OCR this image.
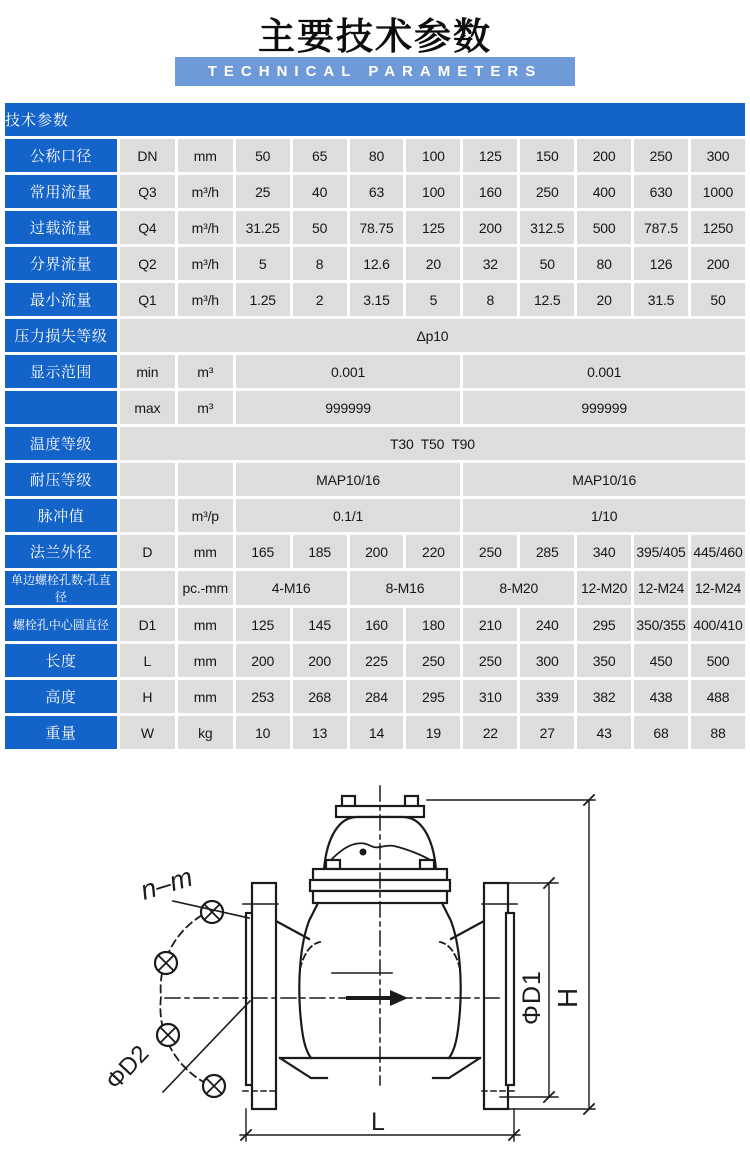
主要技术参数
TECHNICAL PARAMETERS
技术参数											
公称口径	DN	mm	50	65	80	100	125	150	200	250	300
常用流量	Q3	m³/h	25	40	63	100	160	250	400	630	1000
过载流量	Q4	m³/h	31.25	50	78.75	125	200	312.5	500	787.5	1250
分界流量	Q2	m³/h	5	8	12.6	20	32	50	80	126	200
最小流量	Q1	m³/h	1.25	2	3.15	5	8	12.5	20	31.5	50
压力损失等级	Δp10										
显示范围	min	m³	0.001				0.001				
	max	m³	999999				999999				
温度等级	T30  T50  T90										
耐压等级			MAP10/16				MAP10/16				
脉冲值		m³/p	0.1/1				1/10				
法兰外径	D	mm	165	185	200	220	250	285	340	395/405	445/460
单边螺栓孔数-孔直径		pc.-mm	4-M16		8-M16		8-M20		12-M20	12-M24	12-M24
螺栓孔中心圆直径	D1	mm	125	145	160	180	210	240	295	350/355	400/410
长度	L	mm	200	200	225	250	250	300	350	450	500
高度	H	mm	253	268	284	295	310	339	382	438	488
重量	W	kg	10	13	14	19	22	27	43	68	88
H
ΦD1
L
n–m
ΦD2
